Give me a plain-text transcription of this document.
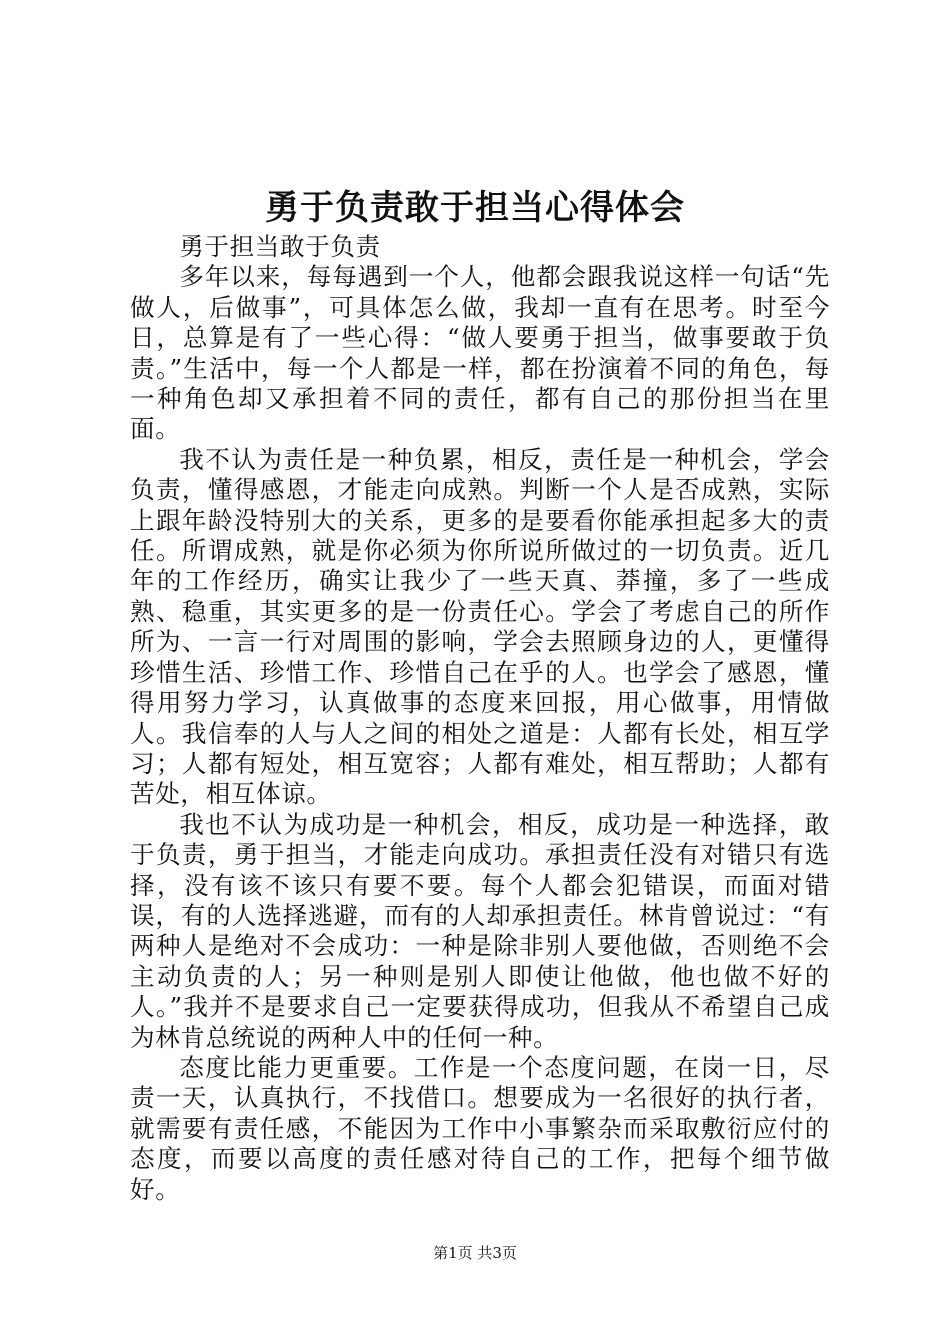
勇于负责敢于担当心得体会

勇于担当敢于负责

多年以来，每每遇到一个人，他都会跟我说这样一句话“先做人，后做事”，可具体怎么做，我却一直有在思考。时至今日，总算是有了一些心得：“做人要勇于担当，做事要敢于负责。”生活中，每一个人都是一样，都在扮演着不同的角色，每一种角色却又承担着不同的责任，都有自己的那份担当在里面。

我不认为责任是一种负累，相反，责任是一种机会，学会负责，懂得感恩，才能走向成熟。判断一个人是否成熟，实际上跟年龄没特别大的关系，更多的是要看你能承担起多大的责任。所谓成熟，就是你必须为你所说所做过的一切负责。近几年的工作经历，确实让我少了一些天真、莽撞，多了一些成熟、稳重，其实更多的是一份责任心。学会了考虑自己的所作所为、一言一行对周围的影响，学会去照顾身边的人，更懂得珍惜生活、珍惜工作、珍惜自己在乎的人。也学会了感恩，懂得用努力学习，认真做事的态度来回报，用心做事，用情做人。我信奉的人与人之间的相处之道是：人都有长处，相互学习；人都有短处，相互宽容；人都有难处，相互帮助；人都有苦处，相互体谅。

我也不认为成功是一种机会，相反，成功是一种选择，敢于负责，勇于担当，才能走向成功。承担责任没有对错只有选择，没有该不该只有要不要。每个人都会犯错误，而面对错误，有的人选择逃避，而有的人却承担责任。林肯曾说过：“有两种人是绝对不会成功：一种是除非别人要他做，否则绝不会主动负责的人；另一种则是别人即使让他做，他也做不好的人。”我并不是要求自己一定要获得成功，但我从不希望自己成为林肯总统说的两种人中的任何一种。

态度比能力更重要。工作是一个态度问题，在岗一日，尽责一天，认真执行，不找借口。想要成为一名很好的执行者，就需要有责任感，不能因为工作中小事繁杂而采取敷衍应付的态度，而要以高度的责任感对待自己的工作，把每个细节做好。

第1页 共3页
